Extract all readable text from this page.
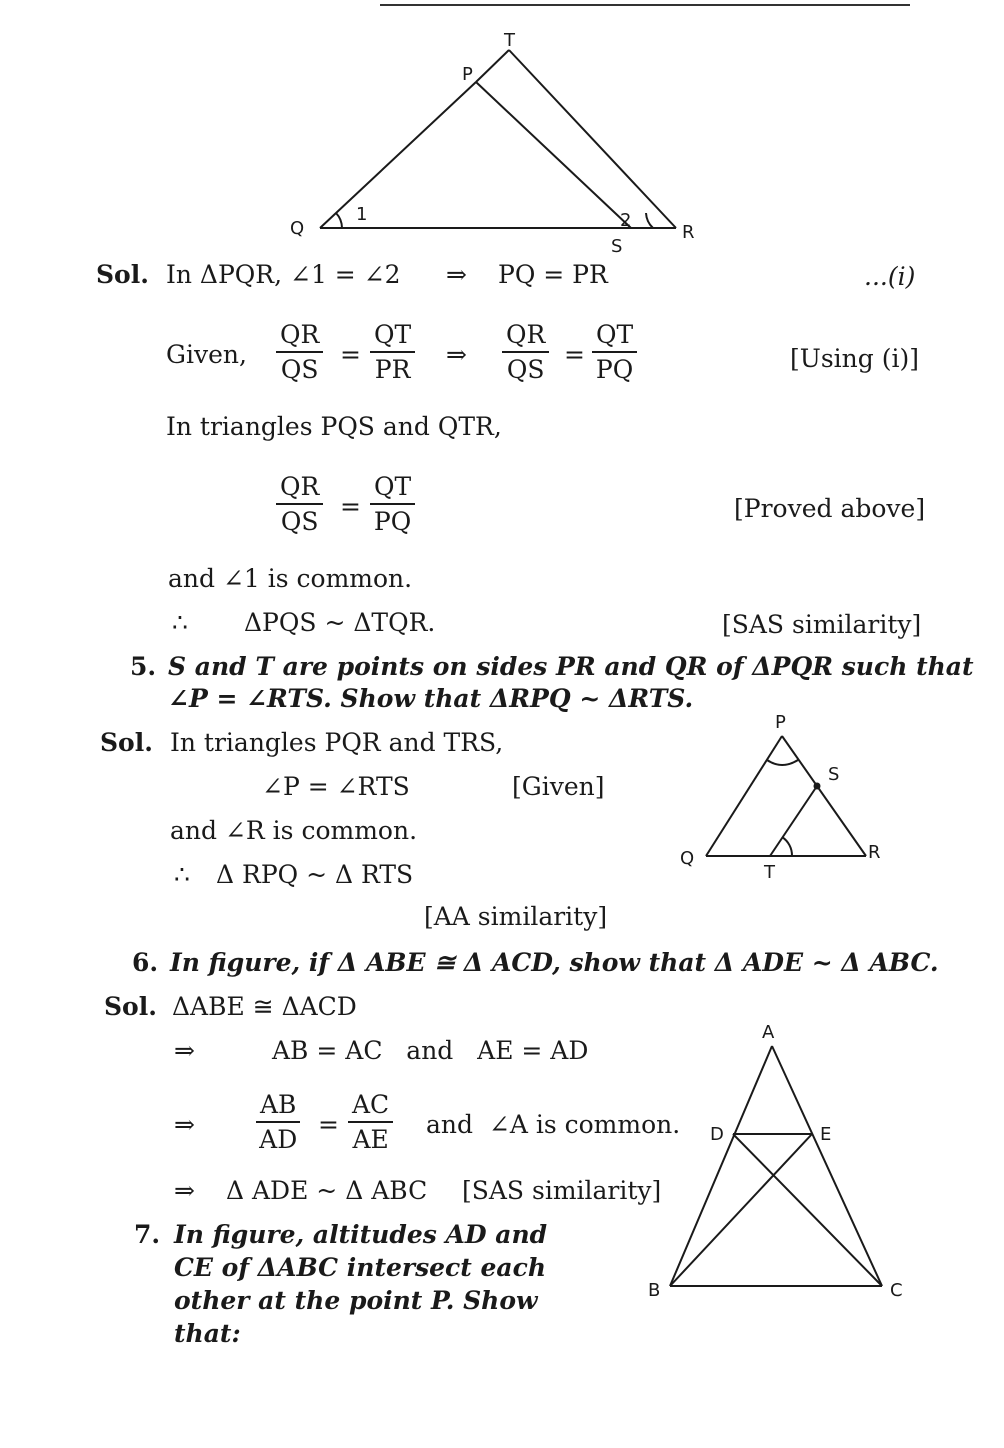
T
P
Q	R
S
1	2
Sol. In ΔPQR, ∠1 = ∠2 ⇒ PQ = PR	...(i)
Given, $\frac{QR}{QS} = \frac{QT}{PR}$ ⇒ $\frac{QR}{QS} = \frac{QT}{PQ}$	[Using (i)]
In triangles PQS and QTR,
$\frac{QR}{QS} = \frac{QT}{PQ}$	[Proved above]
and ∠1 is common.
∴ ΔPQS ~ ΔTQR.	[SAS similarity]
5. S and T are points on sides PR and QR of ΔPQR such that
∠P = ∠RTS. Show that ΔRPQ ~ ΔRTS.
Sol. In triangles PQR and TRS,
∠P = ∠RTS	[Given]
and ∠R is common.
∴ Δ RPQ ~ Δ RTS
[AA similarity]
P
Q	R
S
T
6. In figure, if Δ ABE ≅ Δ ACD, show that Δ ADE ~ Δ ABC.
Sol. ΔABE ≅ ΔACD
⇒	AB = AC   and   AE = AD
⇒ $\frac{AB}{AD} = \frac{AC}{AE}$ and  ∠A is common.
⇒ Δ ADE ~ Δ ABC [SAS similarity]
A
B	C
D	E
7. In figure, altitudes AD and
CE of ΔABC intersect each
other at the point P. Show
that:
